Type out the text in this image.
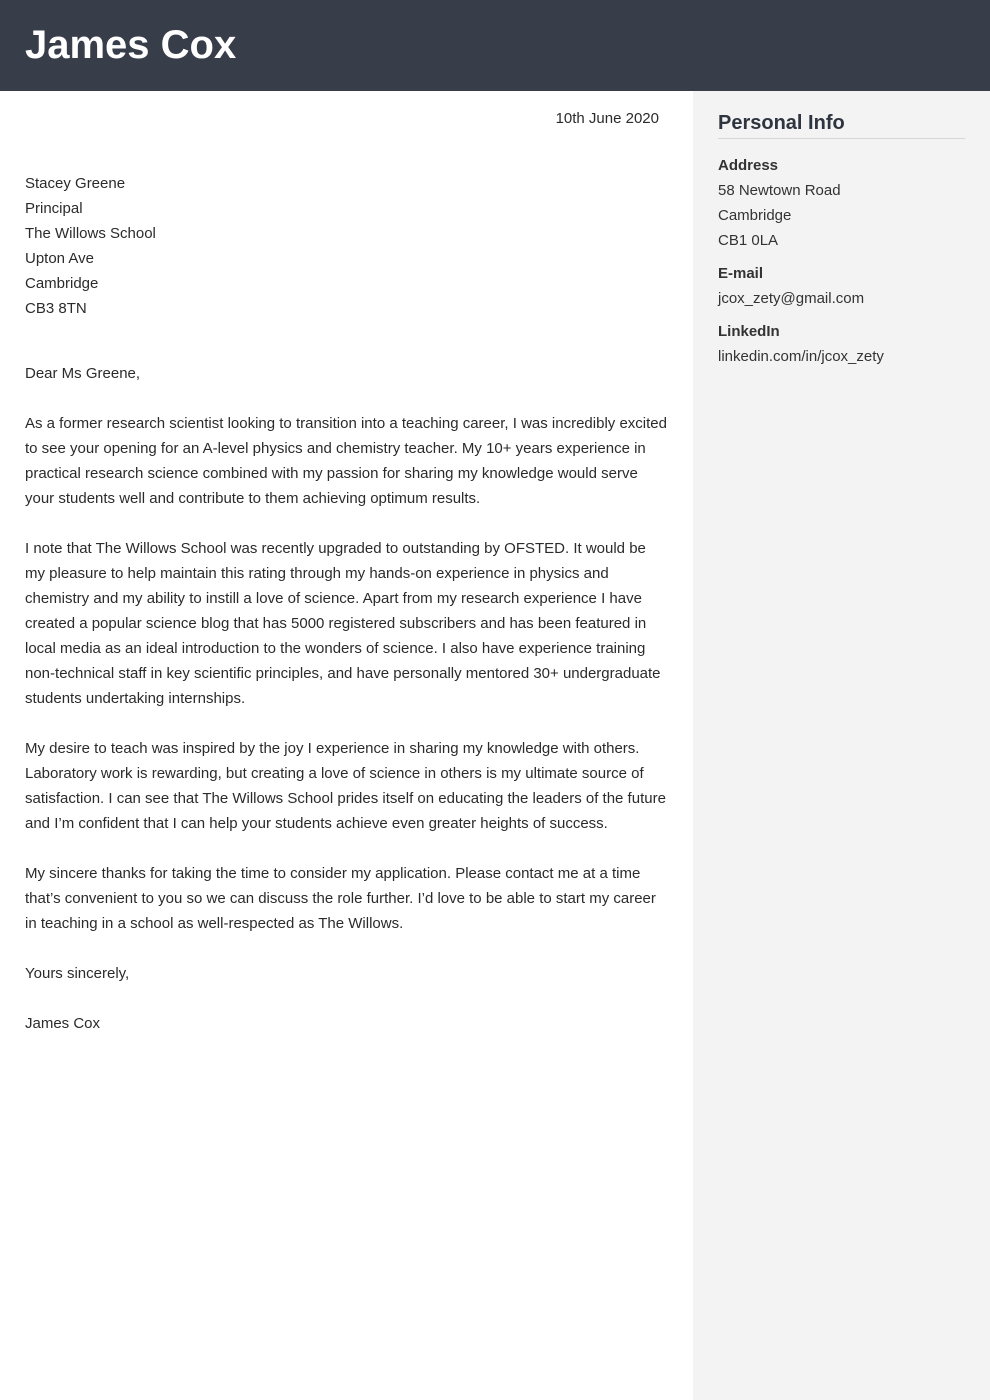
James Cox

10th June 2020

Stacey Greene

Principal

The Willows School

Upton Ave

Cambridge

CB3 8TN

Dear Ms Greene,

As a former research scientist looking to transition into a teaching career, I was incredibly excited to see your opening for an A-level physics and chemistry teacher. My 10+ years experience in practical research science combined with my passion for sharing my knowledge would serve your students well and contribute to them achieving optimum results.

I note that The Willows School was recently upgraded to outstanding by OFSTED. It would be my pleasure to help maintain this rating through my hands-on experience in physics and chemistry and my ability to instill a love of science. Apart from my research experience I have created a popular science blog that has 5000 registered subscribers and has been featured in local media as an ideal introduction to the wonders of science. I also have experience training non-technical staff in key scientific principles, and have personally mentored 30+ undergraduate students undertaking internships.

My desire to teach was inspired by the joy I experience in sharing my knowledge with others. Laboratory work is rewarding, but creating a love of science in others is my ultimate source of satisfaction. I can see that The Willows School prides itself on educating the leaders of the future and I’m confident that I can help your students achieve even greater heights of success.

My sincere thanks for taking the time to consider my application. Please contact me at a time that’s convenient to you so we can discuss the role further. I’d love to be able to start my career in teaching in a school as well-respected as The Willows.

Yours sincerely,

James Cox

Personal Info

Address

58 Newtown Road

Cambridge

CB1 0LA

E-mail

jcox_zety@gmail.com

LinkedIn

linkedin.com/in/jcox_zety
